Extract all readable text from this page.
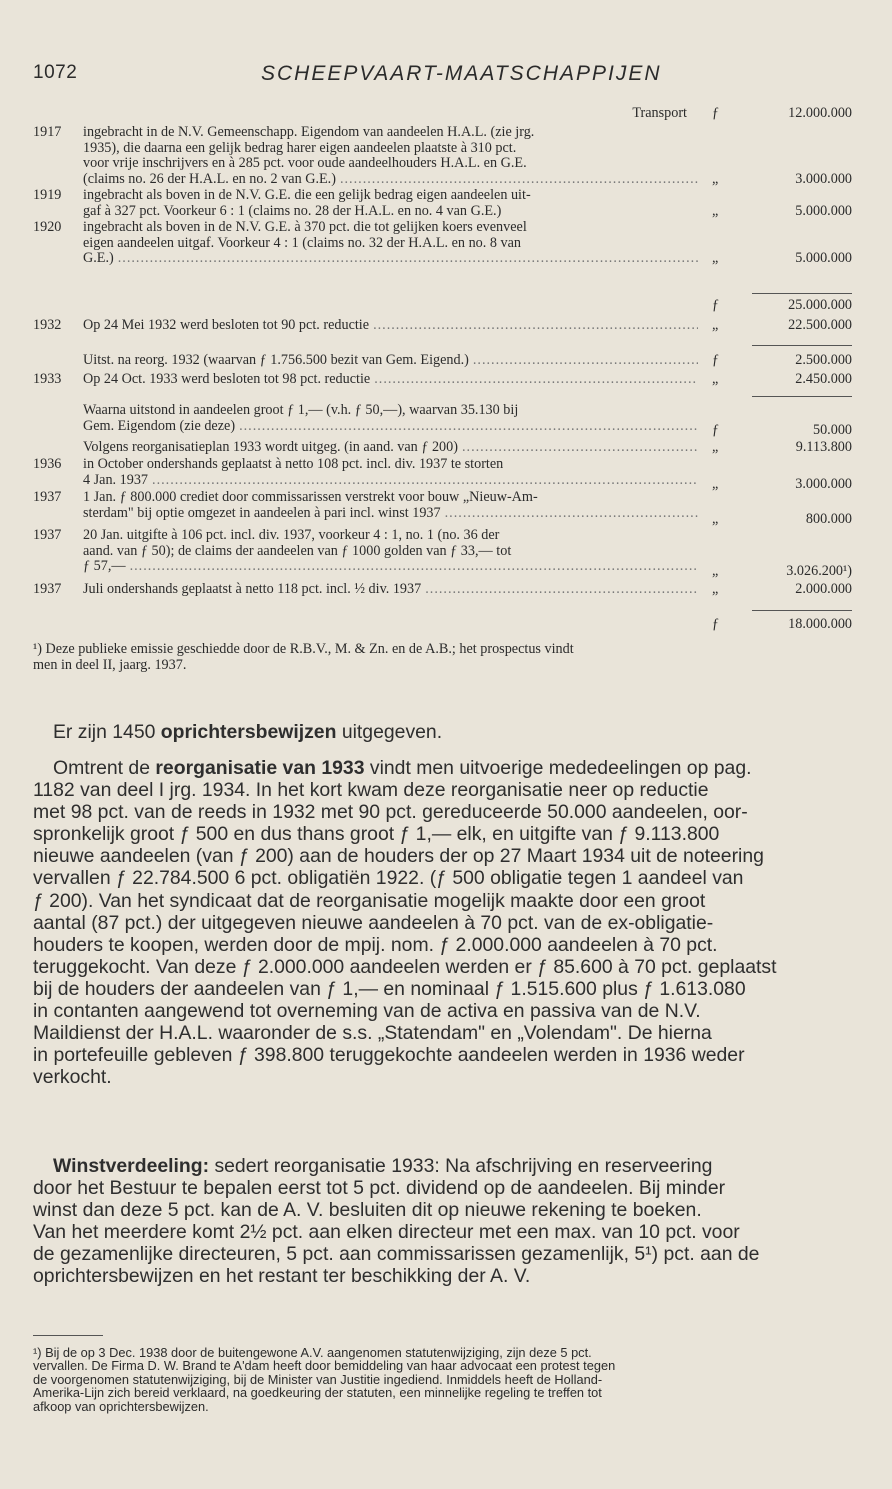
1072	SCHEEPVAART-MAATSCHAPPIJEN
Transport ƒ	12.000.000
1917	ingebracht in de N.V. Gemeenschapp. Eigendom van aandeelen H.A.L. (zie jrg.
1935), die daarna een gelijk bedrag harer eigen aandeelen plaatste à 310 pct.
voor vrije inschrijvers en à 285 pct. voor oude aandeelhouders H.A.L. en G.E.
(claims no. 26 der H.A.L. en no. 2 van G.E.) .....	„	3.000.000
1919	ingebracht als boven in de N.V. G.E. die een gelijk bedrag eigen aandeelen uit-
gaf à 327 pct. Voorkeur 6 : 1 (claims no. 28 der H.A.L. en no. 4 van G.E.)	„	5.000.000
1920	ingebracht als boven in de N.V. G.E. à 370 pct. die tot gelijken koers evenveel
eigen aandeelen uitgaf. Voorkeur 4 : 1 (claims no. 32 der H.A.L. en no. 8 van
G.E.) .....	„	5.000.000
ƒ	25.000.000
1932	Op 24 Mei 1932 werd besloten tot 90 pct. reductie .....	„	22.500.000
Uitst. na reorg. 1932 (waarvan ƒ 1.756.500 bezit van Gem. Eigend.) .....	ƒ	2.500.000
1933	Op 24 Oct. 1933 werd besloten tot 98 pct. reductie .....	„	2.450.000
Waarna uitstond in aandeelen groot ƒ 1,— (v.h. ƒ 50,—), waarvan 35.130 bij
Gem. Eigendom (zie deze) .....	ƒ	50.000
Volgens reorganisatieplan 1933 wordt uitgeg. (in aand. van ƒ 200) .....	„	9.113.800
1936	in October ondershands geplaatst à netto 108 pct. incl. div. 1937 te storten
4 Jan. 1937 .....	„	3.000.000
1937	1 Jan. ƒ 800.000 crediet door commissarissen verstrekt voor bouw „Nieuw-Am-
sterdam" bij optie omgezet in aandeelen à pari incl. winst 1937 .....	„	800.000
1937	20 Jan. uitgifte à 106 pct. incl. div. 1937, voorkeur 4 : 1, no. 1 (no. 36 der
aand. van ƒ 50); de claims der aandeelen van ƒ 1000 golden van ƒ 33,— tot
ƒ 57,— .....	„	3.026.200¹)
1937	Juli ondershands geplaatst à netto 118 pct. incl. ½ div. 1937 .....	„	2.000.000
ƒ	18.000.000
¹) Deze publieke emissie geschiedde door de R.B.V., M. & Zn. en de A.B.; het prospectus vindt
men in deel II, jaarg. 1937.

Er zijn 1450 oprichtersbewijzen uitgegeven.

Omtrent de reorganisatie van 1933 vindt men uitvoerige mededeelingen op pag.
1182 van deel I jrg. 1934. In het kort kwam deze reorganisatie neer op reductie
met 98 pct. van de reeds in 1932 met 90 pct. gereduceerde 50.000 aandeelen, oor-
spronkelijk groot ƒ 500 en dus thans groot ƒ 1,— elk, en uitgifte van ƒ 9.113.800
nieuwe aandeelen (van ƒ 200) aan de houders der op 27 Maart 1934 uit de noteering
vervallen ƒ 22.784.500 6 pct. obligatiën 1922. (ƒ 500 obligatie tegen 1 aandeel van
ƒ 200). Van het syndicaat dat de reorganisatie mogelijk maakte door een groot
aantal (87 pct.) der uitgegeven nieuwe aandeelen à 70 pct. van de ex-obligatie-
houders te koopen, werden door de mpij. nom. ƒ 2.000.000 aandeelen à 70 pct.
teruggekocht. Van deze ƒ 2.000.000 aandeelen werden er ƒ 85.600 à 70 pct. geplaatst
bij de houders der aandeelen van ƒ 1,— en nominaal ƒ 1.515.600 plus ƒ 1.613.080
in contanten aangewend tot overneming van de activa en passiva van de N.V.
Maildienst der H.A.L. waaronder de s.s. „Statendam" en „Volendam". De hierna
in portefeuille gebleven ƒ 398.800 teruggekochte aandeelen werden in 1936 weder
verkocht.
Winstverdeeling: sedert reorganisatie 1933: Na afschrijving en reserveering
door het Bestuur te bepalen eerst tot 5 pct. dividend op de aandeelen. Bij minder
winst dan deze 5 pct. kan de A. V. besluiten dit op nieuwe rekening te boeken.
Van het meerdere komt 2½ pct. aan elken directeur met een max. van 10 pct. voor
de gezamenlijke directeuren, 5 pct. aan commissarissen gezamenlijk, 5¹) pct. aan de
oprichtersbewijzen en het restant ter beschikking der A. V.
¹) Bij de op 3 Dec. 1938 door de buitengewone A.V. aangenomen statutenwijziging, zijn deze 5 pct.
vervallen. De Firma D. W. Brand te A'dam heeft door bemiddeling van haar advocaat een protest tegen
de voorgenomen statutenwijziging, bij de Minister van Justitie ingediend. Inmiddels heeft de Holland-
Amerika-Lijn zich bereid verklaard, na goedkeuring der statuten, een minnelijke regeling te treffen tot
afkoop van oprichtersbewijzen.
